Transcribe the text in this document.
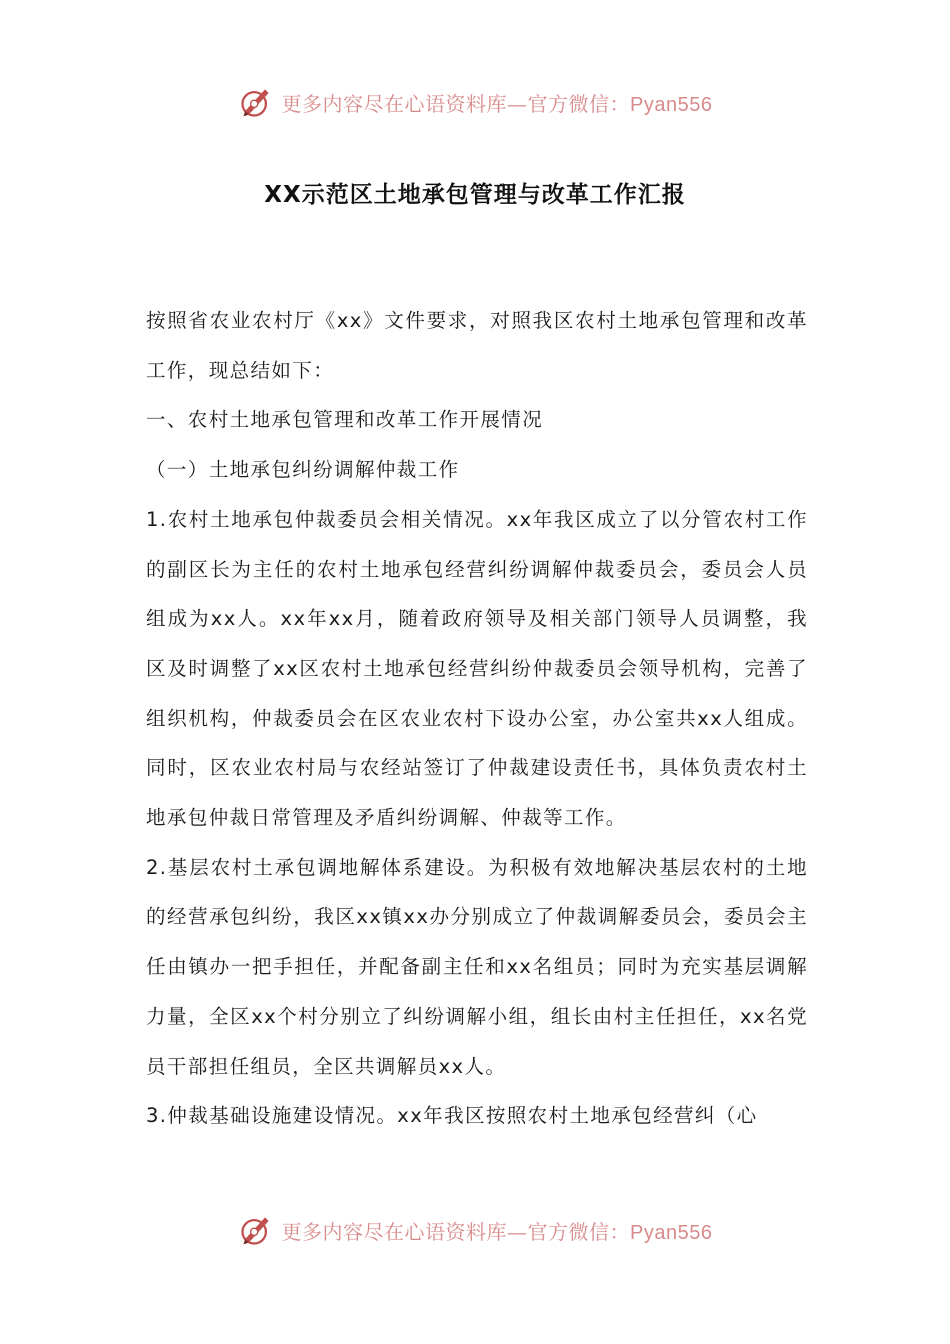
更多内容尽在心语资料库—官方微信：Pyan556
XX示范区土地承包管理与改革工作汇报

按照省农业农村厅《xx》文件要求，对照我区农村土地承包管理和改革工作，现总结如下：

一、农村土地承包管理和改革工作开展情况

（一）土地承包纠纷调解仲裁工作

1.农村土地承包仲裁委员会相关情况。xx年我区成立了以分管农村工作的副区长为主任的农村土地承包经营纠纷调解仲裁委员会，委员会人员组成为xx人。xx年xx月，随着政府领导及相关部门领导人员调整，我区及时调整了xx区农村土地承包经营纠纷仲裁委员会领导机构，完善了组织机构，仲裁委员会在区农业农村下设办公室，办公室共xx人组成。同时，区农业农村局与农经站签订了仲裁建设责任书，具体负责农村土地承包仲裁日常管理及矛盾纠纷调解、仲裁等工作。

2.基层农村土承包调地解体系建设。为积极有效地解决基层农村的土地的经营承包纠纷，我区xx镇xx办分别成立了仲裁调解委员会，委员会主任由镇办一把手担任，并配备副主任和xx名组员；同时为充实基层调解力量，全区xx个村分别立了纠纷调解小组，组长由村主任担任，xx名党员干部担任组员，全区共调解员xx人。

3.仲裁基础设施建设情况。xx年我区按照农村土地承包经营纠（心

更多内容尽在心语资料库—官方微信：Pyan556
